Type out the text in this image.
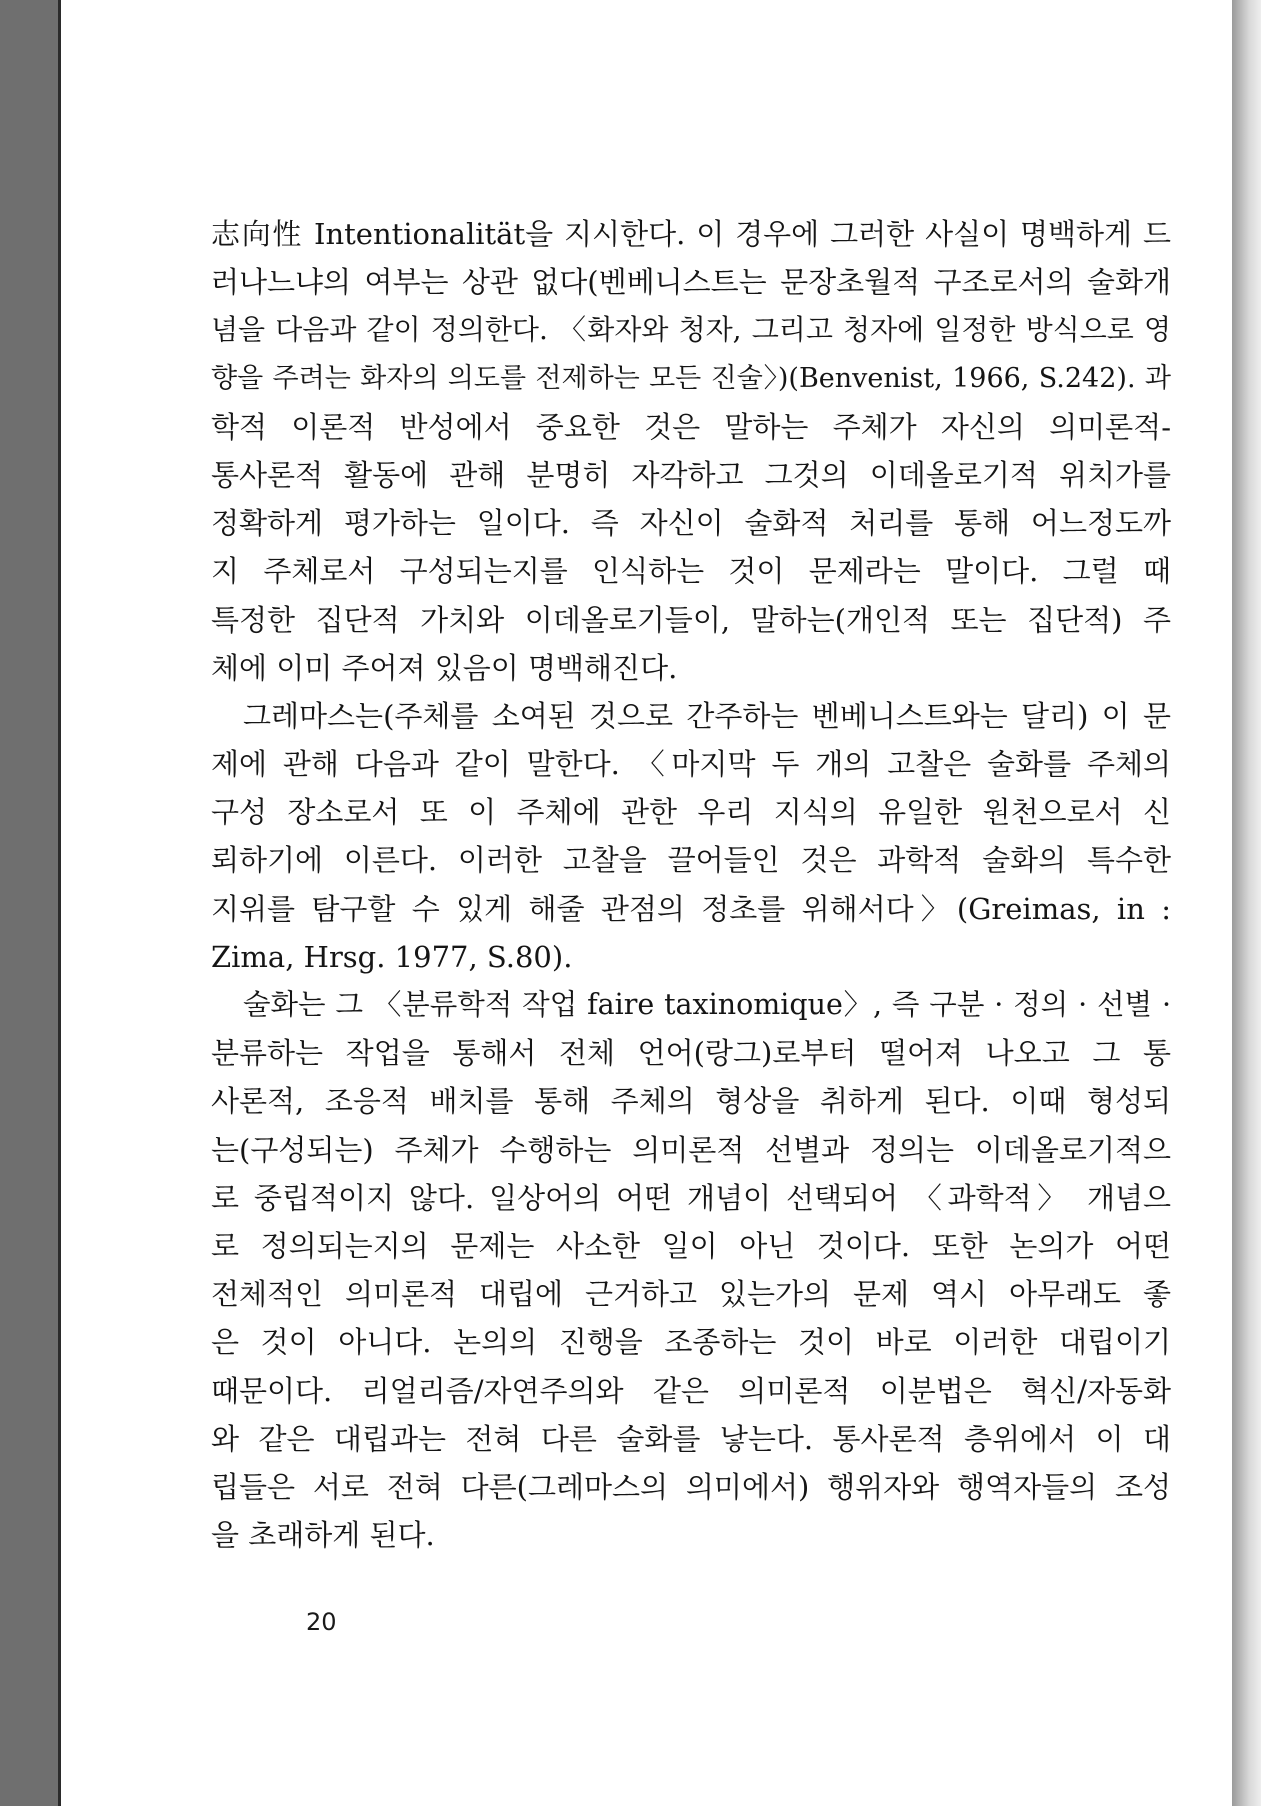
志向性 Intentionalität을 지시한다. 이 경우에 그러한 사실이 명백하게 드
러나느냐의 여부는 상관 없다(벤베니스트는 문장초월적 구조로서의 술화개
념을 다음과 같이 정의한다. 〈화자와 청자, 그리고 청자에 일정한 방식으로 영
향을 주려는 화자의 의도를 전제하는 모든 진술〉)(Benvenist, 1966, S.242). 과
학적 이론적 반성에서 중요한 것은 말하는 주체가 자신의 의미론적-
통사론적 활동에 관해 분명히 자각하고 그것의 이데올로기적 위치가를
정확하게 평가하는 일이다. 즉 자신이 술화적 처리를 통해 어느정도까
지 주체로서 구성되는지를 인식하는 것이 문제라는 말이다. 그럴 때
특정한 집단적 가치와 이데올로기들이, 말하는(개인적 또는 집단적) 주
체에 이미 주어져 있음이 명백해진다.
그레마스는(주체를 소여된 것으로 간주하는 벤베니스트와는 달리) 이 문
제에 관해 다음과 같이 말한다. 〈마지막 두 개의 고찰은 술화를 주체의
구성 장소로서 또 이 주체에 관한 우리 지식의 유일한 원천으로서 신
뢰하기에 이른다. 이러한 고찰을 끌어들인 것은 과학적 술화의 특수한
지위를 탐구할 수 있게 해줄 관점의 정초를 위해서다〉(Greimas, in :
Zima, Hrsg. 1977, S.80).
술화는 그 〈분류학적 작업 faire taxinomique〉, 즉 구분 · 정의 · 선별 ·
분류하는 작업을 통해서 전체 언어(랑그)로부터 떨어져 나오고 그 통
사론적, 조응적 배치를 통해 주체의 형상을 취하게 된다. 이때 형성되
는(구성되는) 주체가 수행하는 의미론적 선별과 정의는 이데올로기적으
로 중립적이지 않다. 일상어의 어떤 개념이 선택되어 〈과학적〉 개념으
로 정의되는지의 문제는 사소한 일이 아닌 것이다. 또한 논의가 어떤
전체적인 의미론적 대립에 근거하고 있는가의 문제 역시 아무래도 좋
은 것이 아니다. 논의의 진행을 조종하는 것이 바로 이러한 대립이기
때문이다. 리얼리즘/자연주의와 같은 의미론적 이분법은 혁신/자동화
와 같은 대립과는 전혀 다른 술화를 낳는다. 통사론적 층위에서 이 대
립들은 서로 전혀 다른(그레마스의 의미에서) 행위자와 행역자들의 조성
을 초래하게 된다.
20
